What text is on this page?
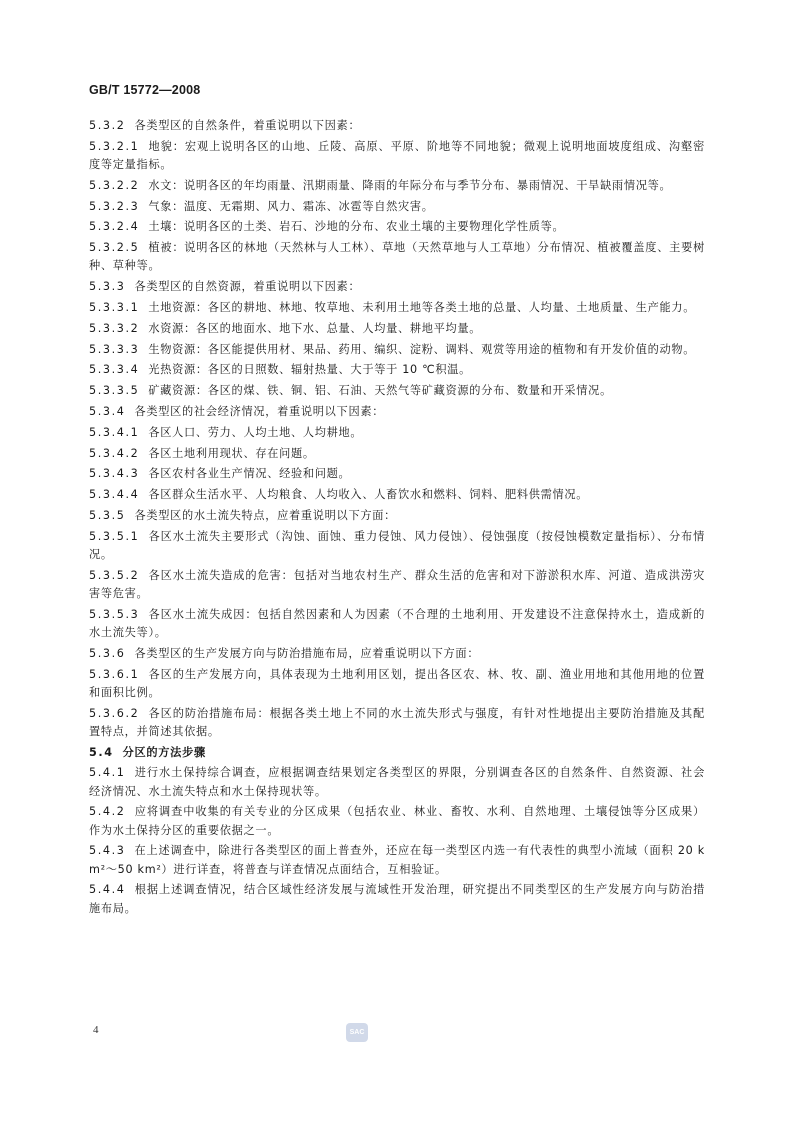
GB/T 15772—2008

5.3.2 各类型区的自然条件，着重说明以下因素：

5.3.2.1 地貌：宏观上说明各区的山地、丘陵、高原、平原、阶地等不同地貌；微观上说明地面坡度组成、沟壑密度等定量指标。

5.3.2.2 水文：说明各区的年均雨量、汛期雨量、降雨的年际分布与季节分布、暴雨情况、干旱缺雨情况等。

5.3.2.3 气象：温度、无霜期、风力、霜冻、冰雹等自然灾害。

5.3.2.4 土壤：说明各区的土类、岩石、沙地的分布、农业土壤的主要物理化学性质等。

5.3.2.5 植被：说明各区的林地（天然林与人工林）、草地（天然草地与人工草地）分布情况、植被覆盖度、主要树种、草种等。

5.3.3 各类型区的自然资源，着重说明以下因素：

5.3.3.1 土地资源：各区的耕地、林地、牧草地、未利用土地等各类土地的总量、人均量、土地质量、生产能力。

5.3.3.2 水资源：各区的地面水、地下水、总量、人均量、耕地平均量。

5.3.3.3 生物资源：各区能提供用材、果品、药用、编织、淀粉、调料、观赏等用途的植物和有开发价值的动物。

5.3.3.4 光热资源：各区的日照数、辐射热量、大于等于 10 ℃积温。

5.3.3.5 矿藏资源：各区的煤、铁、铜、铝、石油、天然气等矿藏资源的分布、数量和开采情况。

5.3.4 各类型区的社会经济情况，着重说明以下因素：

5.3.4.1 各区人口、劳力、人均土地、人均耕地。

5.3.4.2 各区土地利用现状、存在问题。

5.3.4.3 各区农村各业生产情况、经验和问题。

5.3.4.4 各区群众生活水平、人均粮食、人均收入、人畜饮水和燃料、饲料、肥料供需情况。

5.3.5 各类型区的水土流失特点，应着重说明以下方面：

5.3.5.1 各区水土流失主要形式（沟蚀、面蚀、重力侵蚀、风力侵蚀）、侵蚀强度（按侵蚀模数定量指标）、分布情况。

5.3.5.2 各区水土流失造成的危害：包括对当地农村生产、群众生活的危害和对下游淤积水库、河道、造成洪涝灾害等危害。

5.3.5.3 各区水土流失成因：包括自然因素和人为因素（不合理的土地利用、开发建设不注意保持水土，造成新的水土流失等）。

5.3.6 各类型区的生产发展方向与防治措施布局，应着重说明以下方面：

5.3.6.1 各区的生产发展方向，具体表现为土地利用区划，提出各区农、林、牧、副、渔业用地和其他用地的位置和面积比例。

5.3.6.2 各区的防治措施布局：根据各类土地上不同的水土流失形式与强度，有针对性地提出主要防治措施及其配置特点，并简述其依据。

5.4 分区的方法步骤

5.4.1 进行水土保持综合调查，应根据调查结果划定各类型区的界限，分别调查各区的自然条件、自然资源、社会经济情况、水土流失特点和水土保持现状等。

5.4.2 应将调查中收集的有关专业的分区成果（包括农业、林业、畜牧、水利、自然地理、土壤侵蚀等分区成果）作为水土保持分区的重要依据之一。

5.4.3 在上述调查中，除进行各类型区的面上普查外，还应在每一类型区内选一有代表性的典型小流域（面积 20 km²～50 km²）进行详查，将普查与详查情况点面结合，互相验证。

5.4.4 根据上述调查情况，结合区域性经济发展与流域性开发治理，研究提出不同类型区的生产发展方向与防治措施布局。

4	SAC
